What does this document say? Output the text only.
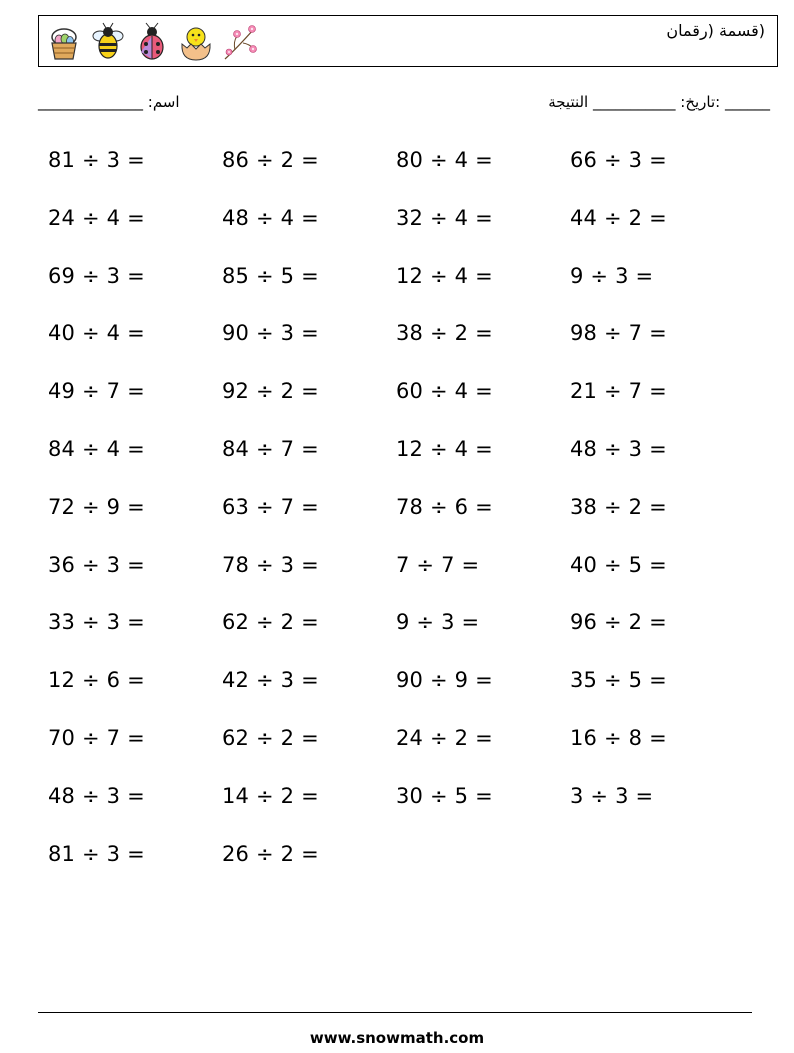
(قسمة (رقمان
اسم: ______________	______ :تاريخ: ___________ النتيجة
81 ÷ 3 =	86 ÷ 2 =	80 ÷ 4 =	66 ÷ 3 =
24 ÷ 4 =	48 ÷ 4 =	32 ÷ 4 =	44 ÷ 2 =
69 ÷ 3 =	85 ÷ 5 =	12 ÷ 4 =	9 ÷ 3 =
40 ÷ 4 =	90 ÷ 3 =	38 ÷ 2 =	98 ÷ 7 =
49 ÷ 7 =	92 ÷ 2 =	60 ÷ 4 =	21 ÷ 7 =
84 ÷ 4 =	84 ÷ 7 =	12 ÷ 4 =	48 ÷ 3 =
72 ÷ 9 =	63 ÷ 7 =	78 ÷ 6 =	38 ÷ 2 =
36 ÷ 3 =	78 ÷ 3 =	7 ÷ 7 =	40 ÷ 5 =
33 ÷ 3 =	62 ÷ 2 =	9 ÷ 3 =	96 ÷ 2 =
12 ÷ 6 =	42 ÷ 3 =	90 ÷ 9 =	35 ÷ 5 =
70 ÷ 7 =	62 ÷ 2 =	24 ÷ 2 =	16 ÷ 8 =
48 ÷ 3 =	14 ÷ 2 =	30 ÷ 5 =	3 ÷ 3 =
81 ÷ 3 =	26 ÷ 2 =
www.snowmath.com
